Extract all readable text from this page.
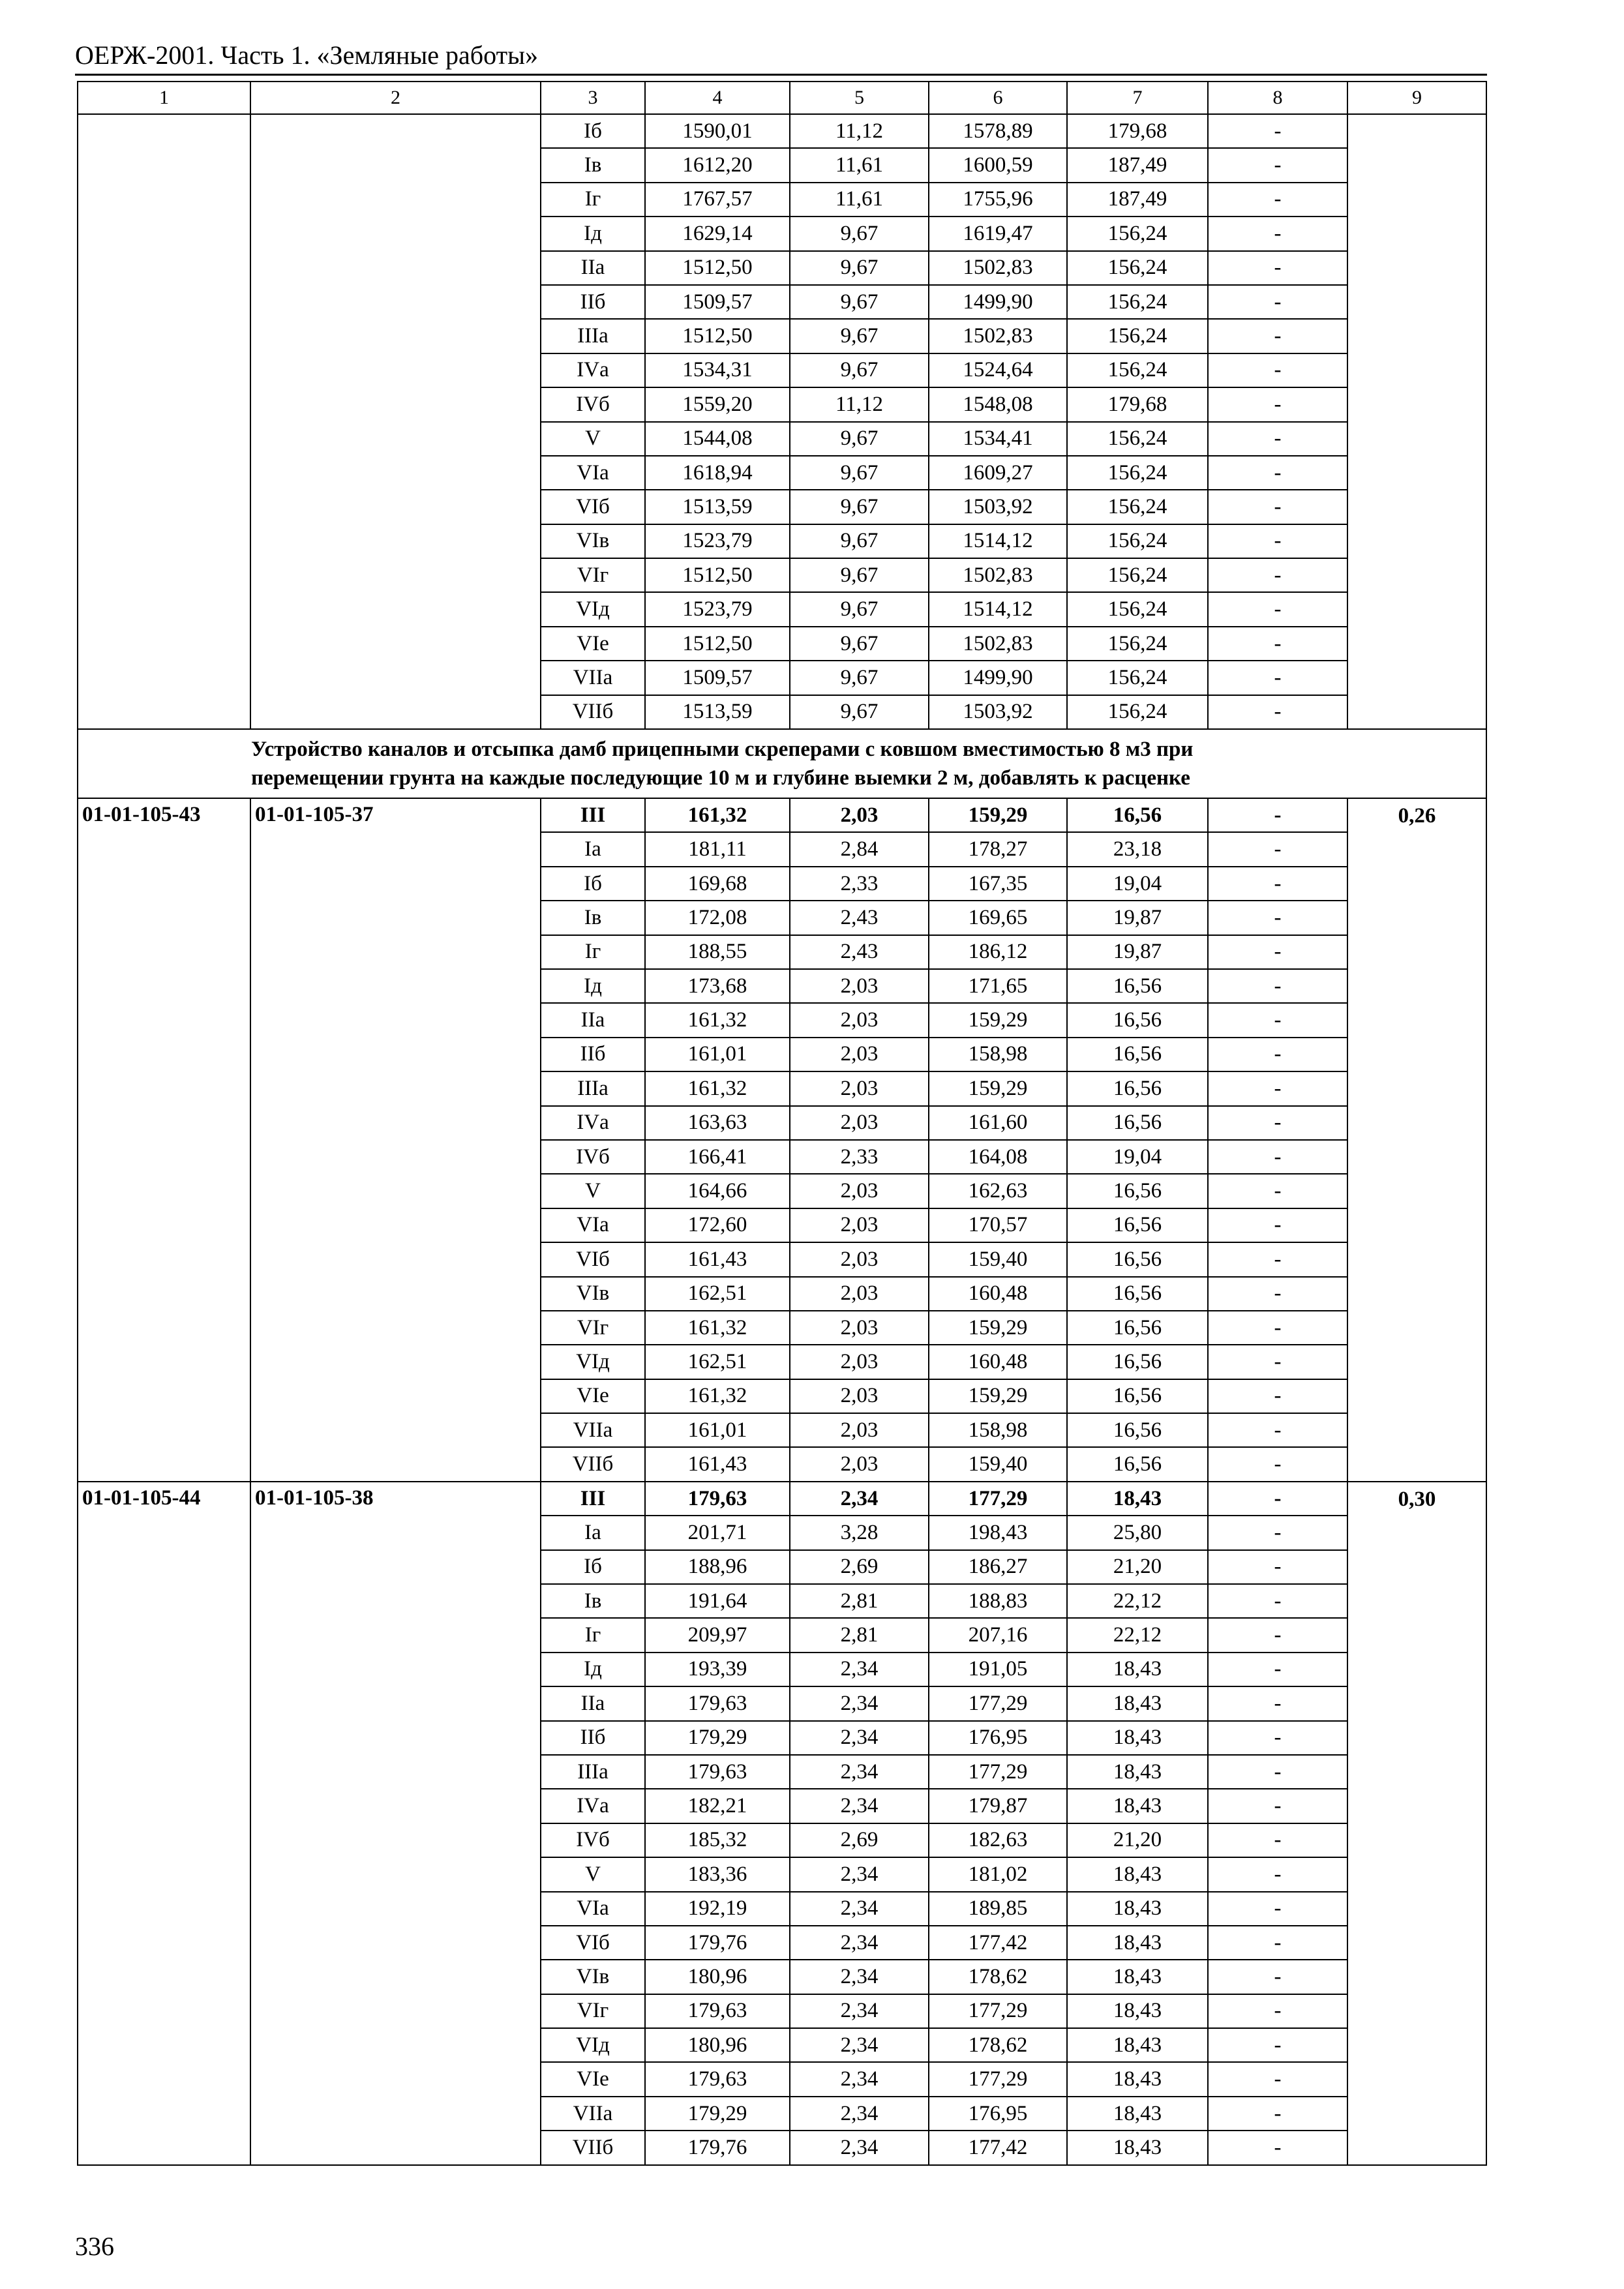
ОЕРЖ-2001. Часть 1. «Земляные работы»
1	2	3	4	5	6	7	8	9
		Iб	1590,01	11,12	1578,89	179,68	-	
		Iв	1612,20	11,61	1600,59	187,49	-	
		Iг	1767,57	11,61	1755,96	187,49	-	
		Iд	1629,14	9,67	1619,47	156,24	-	
		IIа	1512,50	9,67	1502,83	156,24	-	
		IIб	1509,57	9,67	1499,90	156,24	-	
		IIIа	1512,50	9,67	1502,83	156,24	-	
		IVа	1534,31	9,67	1524,64	156,24	-	
		IVб	1559,20	11,12	1548,08	179,68	-	
		V	1544,08	9,67	1534,41	156,24	-	
		VIа	1618,94	9,67	1609,27	156,24	-	
		VIб	1513,59	9,67	1503,92	156,24	-	
		VIв	1523,79	9,67	1514,12	156,24	-	
		VIг	1512,50	9,67	1502,83	156,24	-	
		VIд	1523,79	9,67	1514,12	156,24	-	
		VIе	1512,50	9,67	1502,83	156,24	-	
		VIIа	1509,57	9,67	1499,90	156,24	-	
		VIIб	1513,59	9,67	1503,92	156,24	-	

Устройство каналов и отсыпка дамб прицепными скреперами с ковшом вместимостью 8 м3 при
перемещении грунта на каждые последующие 10 м и глубине выемки 2 м, добавлять к расценке								

01-01-105-43	01-01-105-37	III	161,32	2,03	159,29	16,56	-	0,26
		Iа	181,11	2,84	178,27	23,18	-	
		Iб	169,68	2,33	167,35	19,04	-	
		Iв	172,08	2,43	169,65	19,87	-	
		Iг	188,55	2,43	186,12	19,87	-	
		Iд	173,68	2,03	171,65	16,56	-	
		IIа	161,32	2,03	159,29	16,56	-	
		IIб	161,01	2,03	158,98	16,56	-	
		IIIа	161,32	2,03	159,29	16,56	-	
		IVа	163,63	2,03	161,60	16,56	-	
		IVб	166,41	2,33	164,08	19,04	-	
		V	164,66	2,03	162,63	16,56	-	
		VIа	172,60	2,03	170,57	16,56	-	
		VIб	161,43	2,03	159,40	16,56	-	
		VIв	162,51	2,03	160,48	16,56	-	
		VIг	161,32	2,03	159,29	16,56	-	
		VIд	162,51	2,03	160,48	16,56	-	
		VIе	161,32	2,03	159,29	16,56	-	
		VIIа	161,01	2,03	158,98	16,56	-	
		VIIб	161,43	2,03	159,40	16,56	-	
01-01-105-44	01-01-105-38	III	179,63	2,34	177,29	18,43	-	0,30
		Iа	201,71	3,28	198,43	25,80	-	
		Iб	188,96	2,69	186,27	21,20	-	
		Iв	191,64	2,81	188,83	22,12	-	
		Iг	209,97	2,81	207,16	22,12	-	
		Iд	193,39	2,34	191,05	18,43	-	
		IIа	179,63	2,34	177,29	18,43	-	
		IIб	179,29	2,34	176,95	18,43	-	
		IIIа	179,63	2,34	177,29	18,43	-	
		IVа	182,21	2,34	179,87	18,43	-	
		IVб	185,32	2,69	182,63	21,20	-	
		V	183,36	2,34	181,02	18,43	-	
		VIа	192,19	2,34	189,85	18,43	-	
		VIб	179,76	2,34	177,42	18,43	-	
		VIв	180,96	2,34	178,62	18,43	-	
		VIг	179,63	2,34	177,29	18,43	-	
		VIд	180,96	2,34	178,62	18,43	-	
		VIе	179,63	2,34	177,29	18,43	-	
		VIIа	179,29	2,34	176,95	18,43	-	
		VIIб	179,76	2,34	177,42	18,43	-	
336
